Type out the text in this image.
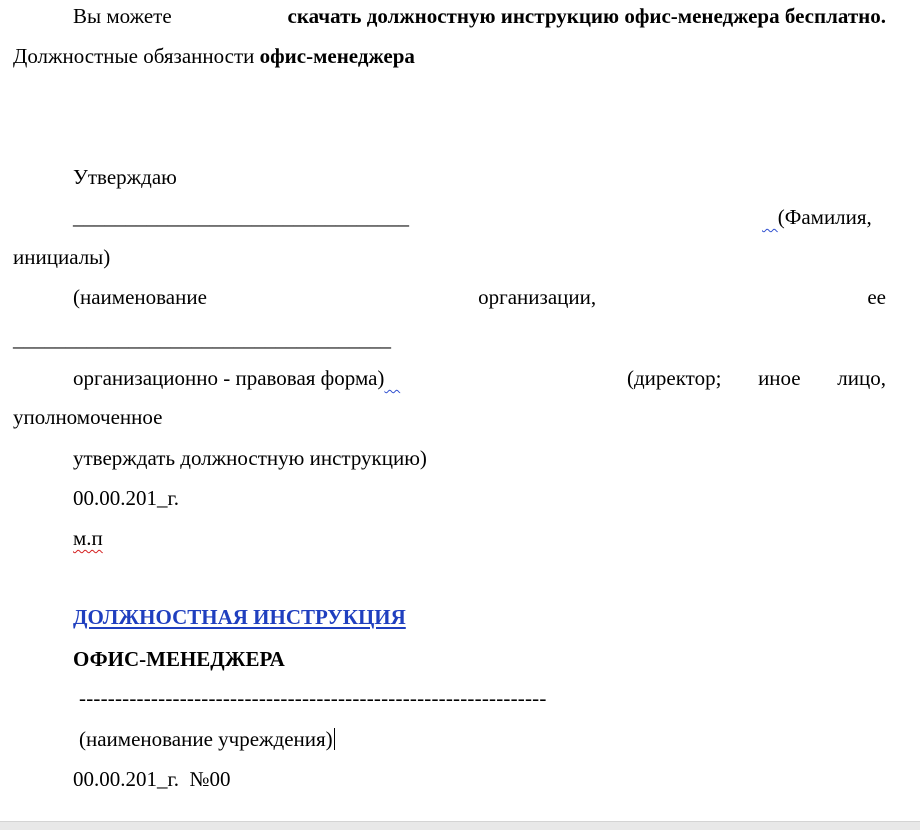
Вы можете	скачать должностную инструкцию офис-менеджера бесплатно.
Должностные обязанности офис-менеджера
Утверждаю
________________________________	(Фамилия,
инициалы)
(наименование	организации,	ее
____________________________________
организационно - правовая форма)	(директор; иное лицо,
уполномоченное
утверждать должностную инструкцию)
00.00.201_г.
м.п
ДОЛЖНОСТНАЯ ИНСТРУКЦИЯ
ОФИС-МЕНЕДЖЕРА
-----------------------------------------------------------------
(наименование учреждения)
00.00.201_г.  №00
